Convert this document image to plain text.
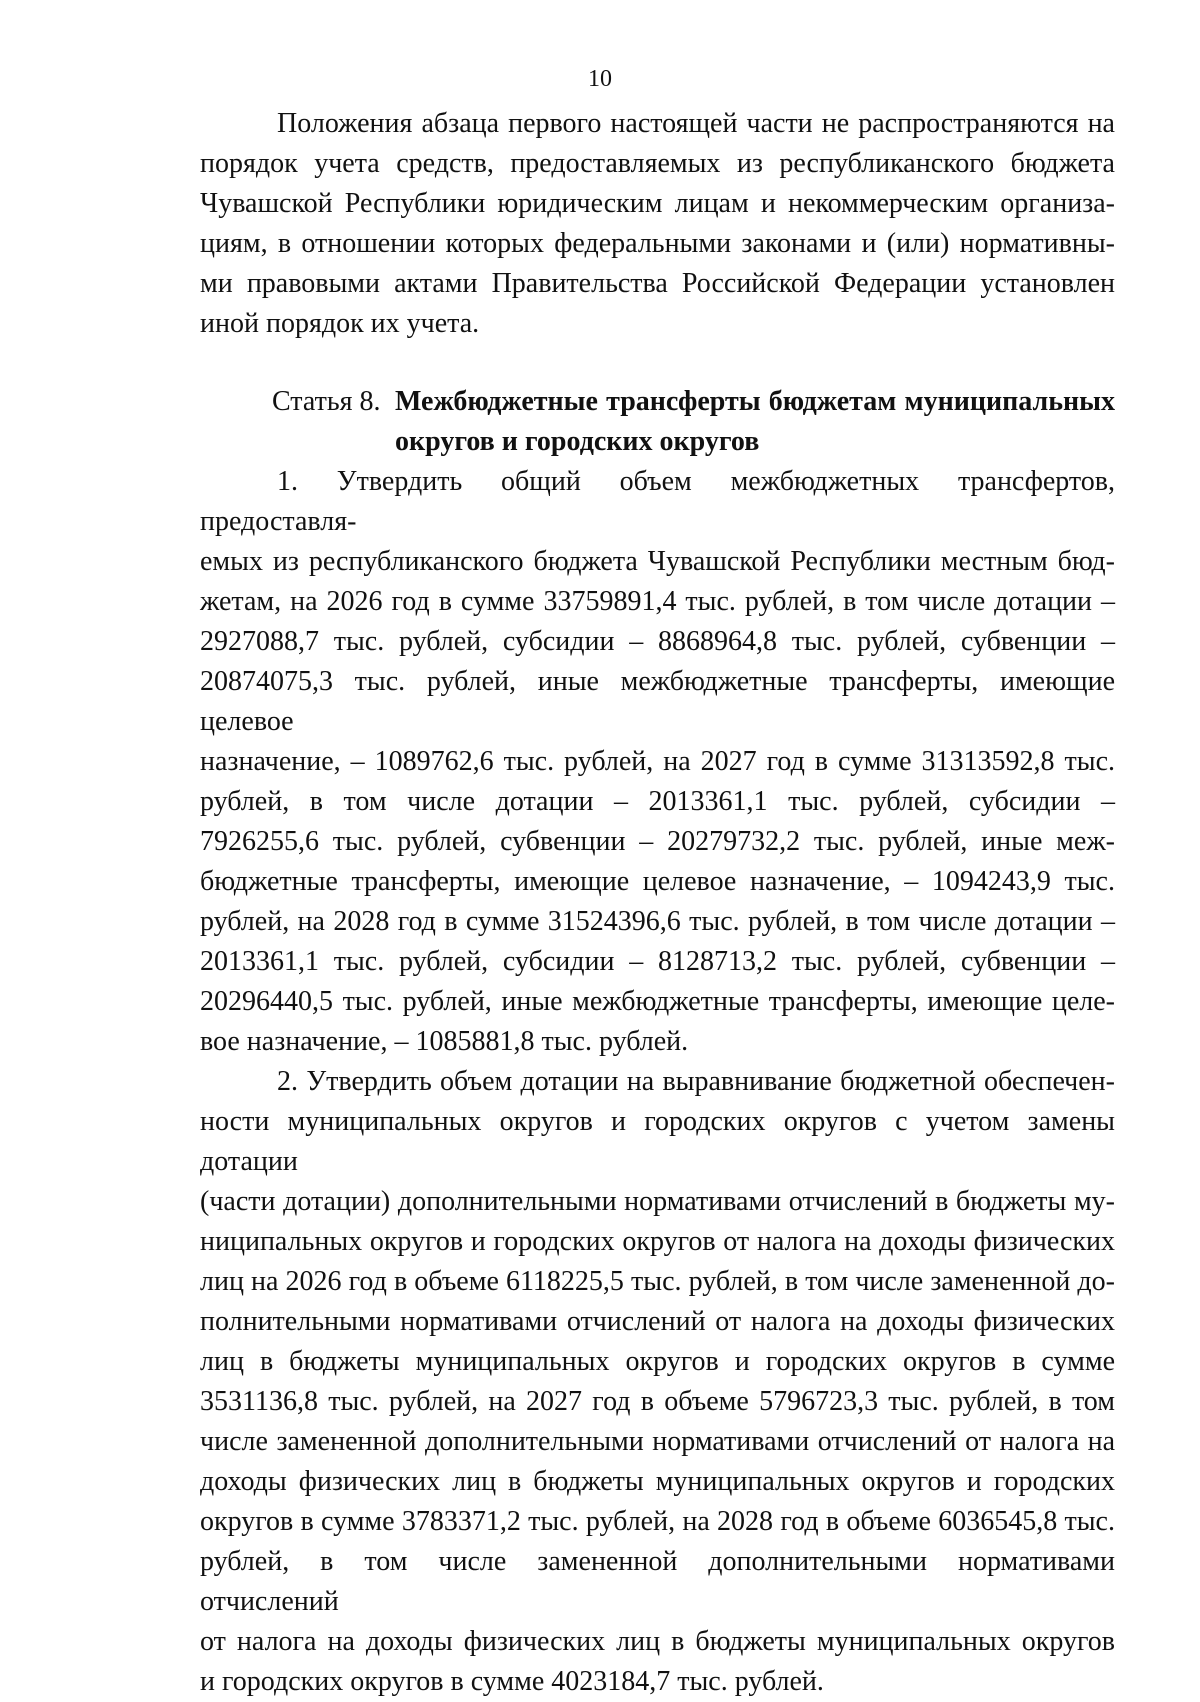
10

Положения абзаца первого настоящей части не распространяются на
порядок учета средств, предоставляемых из республиканского бюджета
Чувашской Республики юридическим лицам и некоммерческим организа-
циям, в отношении которых федеральными законами и (или) нормативны-
ми правовыми актами Правительства Российской Федерации установлен
иной порядок их учета.

Статья 8. Межбюджетные трансферты бюджетам муниципальных
округов и городских округов

1. Утвердить общий объем межбюджетных трансфертов, предоставля-
емых из республиканского бюджета Чувашской Республики местным бюд-
жетам, на 2026 год в сумме 33759891,4 тыс. рублей, в том числе дотации –
2927088,7 тыс. рублей, субсидии – 8868964,8 тыс. рублей, субвенции –
20874075,3 тыс. рублей, иные межбюджетные трансферты, имеющие целевое
назначение, – 1089762,6 тыс. рублей, на 2027 год в сумме 31313592,8 тыс.
рублей, в том числе дотации – 2013361,1 тыс. рублей, субсидии –
7926255,6 тыс. рублей, субвенции – 20279732,2 тыс. рублей, иные меж-
бюджетные трансферты, имеющие целевое назначение, – 1094243,9 тыс.
рублей, на 2028 год в сумме 31524396,6 тыс. рублей, в том числе дотации –
2013361,1 тыс. рублей, субсидии – 8128713,2 тыс. рублей, субвенции –
20296440,5 тыс. рублей, иные межбюджетные трансферты, имеющие целе-
вое назначение, – 1085881,8 тыс. рублей.

2. Утвердить объем дотации на выравнивание бюджетной обеспечен-
ности муниципальных округов и городских округов с учетом замены дотации
(части дотации) дополнительными нормативами отчислений в бюджеты му-
ниципальных округов и городских округов от налога на доходы физических
лиц на 2026 год в объеме 6118225,5 тыс. рублей, в том числе замененной до-
полнительными нормативами отчислений от налога на доходы физических
лиц в бюджеты муниципальных округов и городских округов в сумме
3531136,8 тыс. рублей, на 2027 год в объеме 5796723,3 тыс. рублей, в том
числе замененной дополнительными нормативами отчислений от налога на
доходы физических лиц в бюджеты муниципальных округов и городских
округов в сумме 3783371,2 тыс. рублей, на 2028 год в объеме 6036545,8 тыс.
рублей, в том числе замененной дополнительными нормативами отчислений
от налога на доходы физических лиц в бюджеты муниципальных округов
и городских округов в сумме 4023184,7 тыс. рублей.
